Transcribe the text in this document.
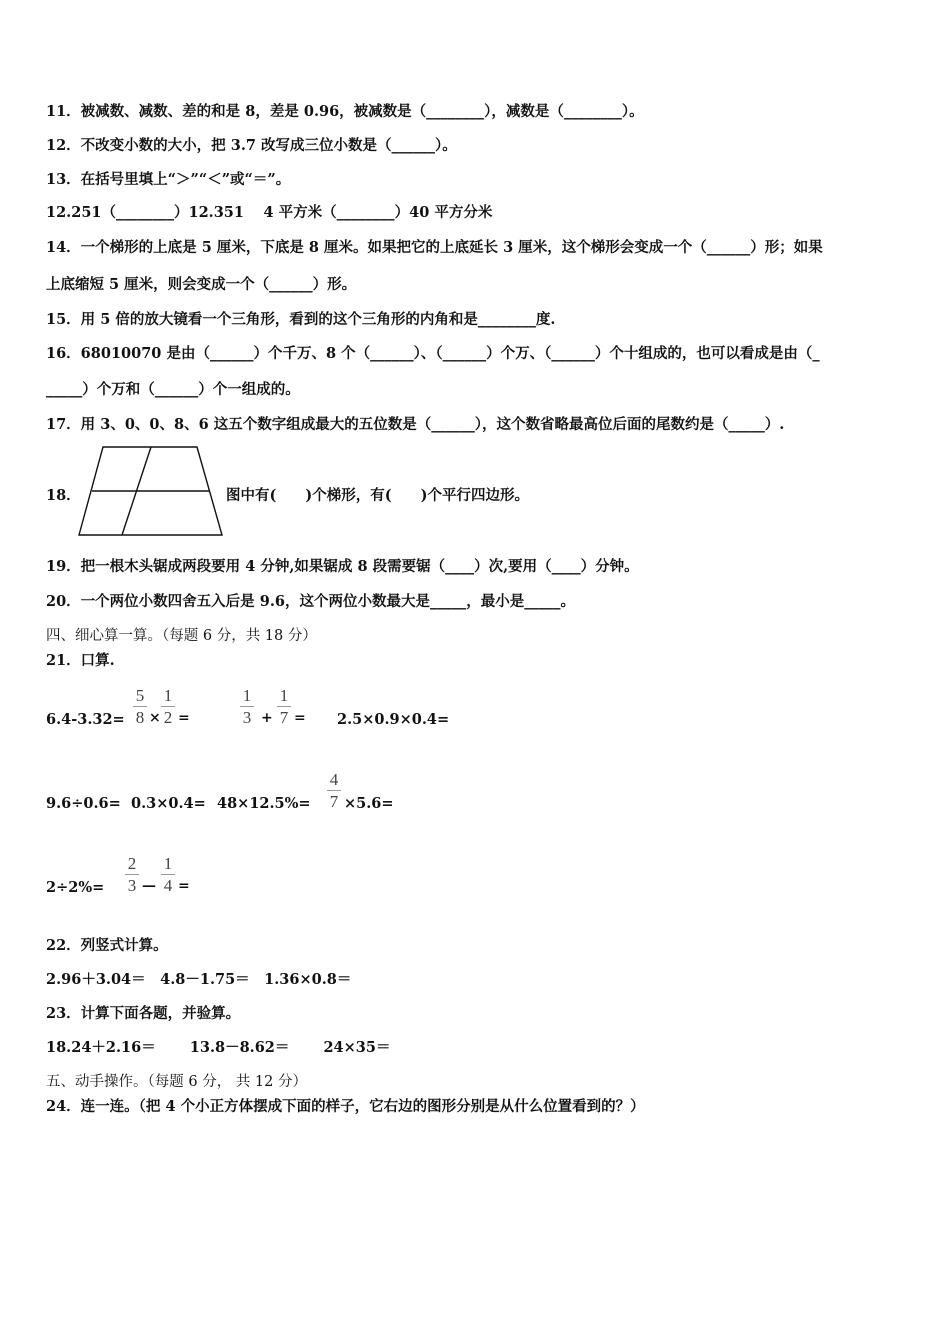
11．被减数、减数、差的和是 8，差是 0.96，被减数是（________），减数是（________）。
12．不改变小数的大小，把 3.7 改写成三位小数是（______）。
13．在括号里填上“＞”“＜”或“＝”。
12.251（________）12.351　 4 平方米（________）40 平方分米
14．一个梯形的上底是 5 厘米，下底是 8 厘米。如果把它的上底延长 3 厘米，这个梯形会变成一个（______）形；如果
上底缩短 5 厘米，则会变成一个（______）形。
15．用 5 倍的放大镜看一个三角形，看到的这个三角形的内角和是________度.
16．68010070 是由（______）个千万、8 个（______）、（______）个万、（______）个十组成的，也可以看成是由（_
_____）个万和（______）个一组成的。
17．用 3、0、0、8、6 这五个数字组成最大的五位数是（______），这个数省略最高位后面的尾数约是（_____）.
18．	图中有(　　)个梯形，有(　　)个平行四边形。
19．把一根木头锯成两段要用 4 分钟,如果锯成 8 段需要锯（____）次,要用（____）分钟。
20．一个两位小数四舍五入后是 9.6，这个两位小数最大是_____，最小是_____。
四、细心算一算。（每题 6 分，共 18 分）
21．口算.
6.4-3.32=
5
8 ×
1
2 =
1
3 +
1
7 = 2.5×0.9×0.4=
9.6÷0.6= 0.3×0.4= 48×12.5%=
4
7 ×5.6=
2÷2%=
2
3 —
1
4 =
22．列竖式计算。
2.96＋3.04＝　4.8－1.75＝　1.36×0.8＝
23．计算下面各题，并验算。
18.24＋2.16＝　　 13.8－8.62＝　　 24×35＝
五、动手操作。（每题 6 分， 共 12 分）
24．连一连。（把 4 个小正方体摆成下面的样子，它右边的图形分别是从什么位置看到的？）
